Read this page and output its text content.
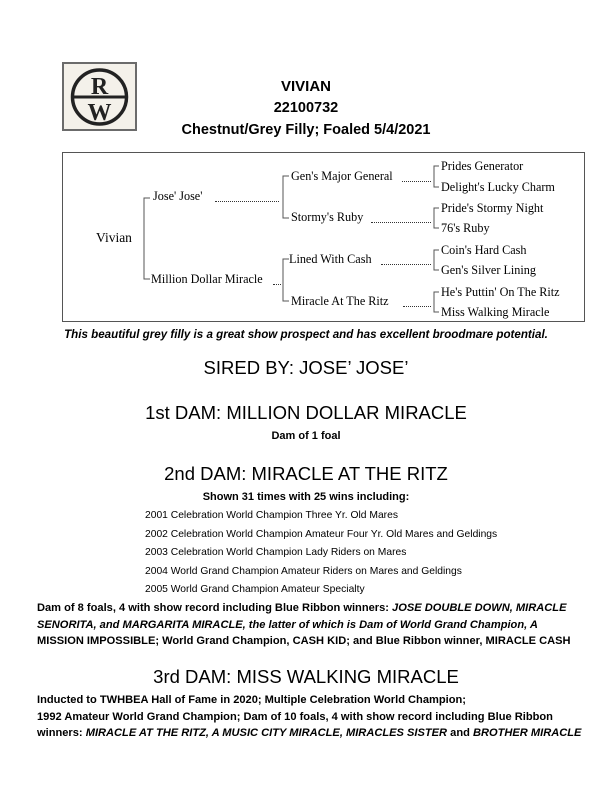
R
W
VIVIAN
22100732
Chestnut/Grey Filly; Foaled 5/4/2021
Vivian
Jose' Jose'
Million Dollar Miracle
Gen's Major General
Stormy's Ruby
Lined With Cash
Miracle At The Ritz
Prides Generator
Delight's Lucky Charm
Pride's Stormy Night
76's Ruby
Coin's Hard Cash
Gen's Silver Lining
He's Puttin' On The Ritz
Miss Walking Miracle
This beautiful grey filly is a great show prospect and has excellent broodmare potential.
SIRED BY: JOSE’ JOSE’
1st DAM: MILLION DOLLAR MIRACLE
Dam of 1 foal
2nd DAM: MIRACLE AT THE RITZ
Shown 31 times with 25 wins including:
2001 Celebration World Champion Three Yr. Old Mares
2002 Celebration World Champion Amateur Four Yr. Old Mares and Geldings
2003 Celebration World Champion Lady Riders on Mares
2004 World Grand Champion Amateur Riders on Mares and Geldings
2005 World Grand Champion Amateur Specialty
Dam of 8 foals, 4 with show record including Blue Ribbon winners: JOSE DOUBLE DOWN, MIRACLE SENORITA, and MARGARITA MIRACLE, the latter of which is Dam of World Grand Champion, A MISSION IMPOSSIBLE; World Grand Champion, CASH KID; and Blue Ribbon winner, MIRACLE CASH
3rd DAM: MISS WALKING MIRACLE
Inducted to TWHBEA Hall of Fame in 2020; Multiple Celebration World Champion;
1992 Amateur World Grand Champion; Dam of 10 foals, 4 with show record including Blue Ribbon
winners: MIRACLE AT THE RITZ, A MUSIC CITY MIRACLE, MIRACLES SISTER and BROTHER MIRACLE
